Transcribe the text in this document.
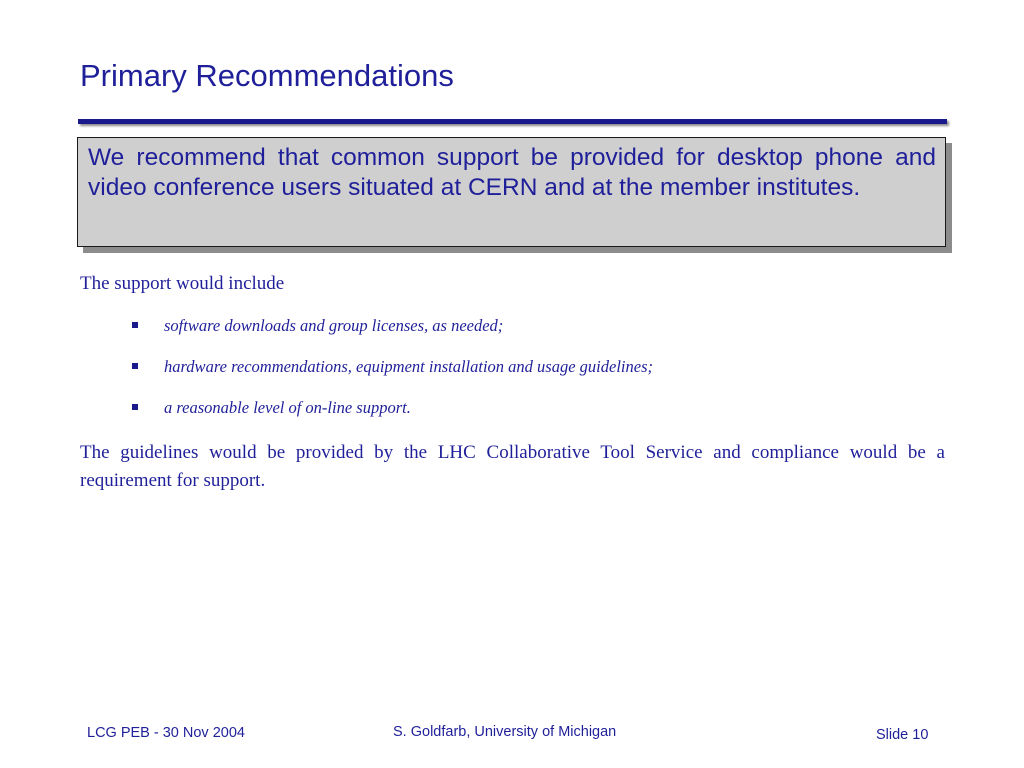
Primary Recommendations

We recommend that common support be provided for desktop phone and video conference users situated at CERN and at the member institutes.

The support would include
software downloads and group licenses, as needed;
hardware recommendations, equipment installation and usage guidelines;
a reasonable level of on-line support.

The guidelines would be provided by the LHC Collaborative Tool Service and compliance would be a requirement for support.

LCG PEB - 30 Nov 2004	S. Goldfarb, University of Michigan	Slide 10
